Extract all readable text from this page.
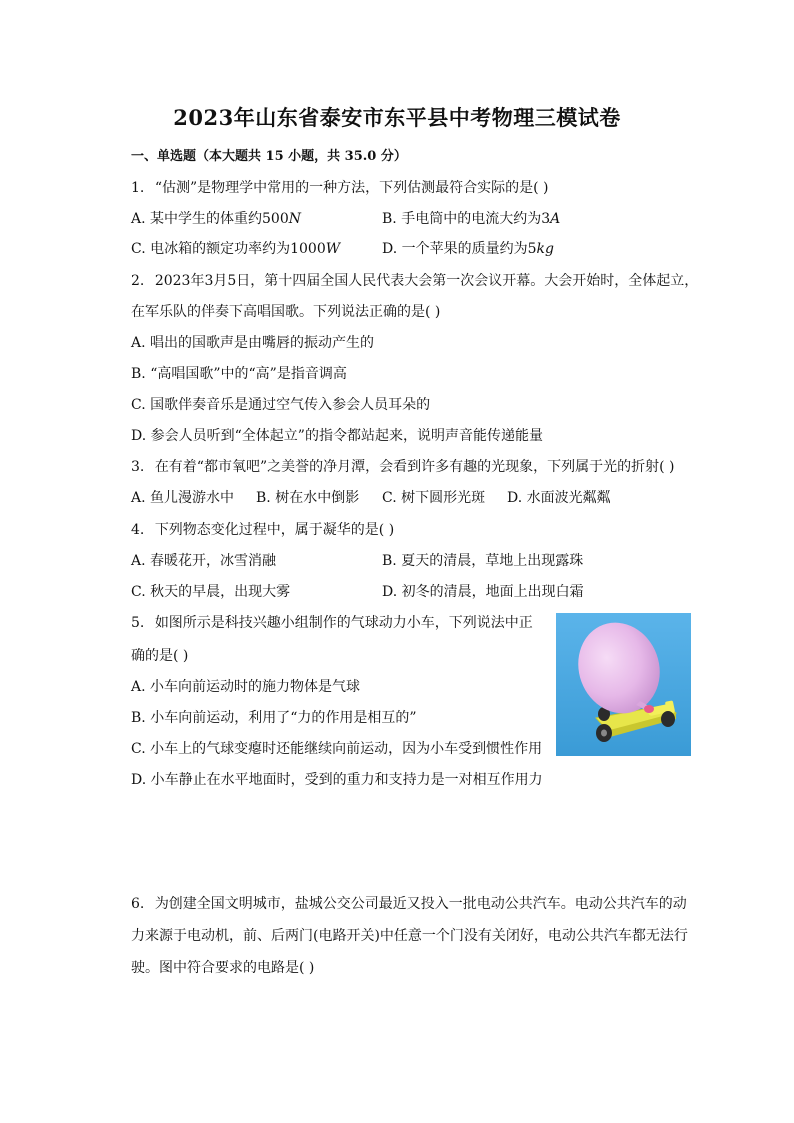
2023年山东省泰安市东平县中考物理三模试卷
一、单选题（本大题共 15 小题，共 35.0 分）
1. “估测”是物理学中常用的一种方法，下列估测最符合实际的是( )
A. 某中学生的体重约500𝑁	B. 手电筒中的电流大约为3𝐴
C. 电冰箱的额定功率约为1000𝑊	D. 一个苹果的质量约为5𝑘𝑔
2. 2023年3月5日，第十四届全国人民代表大会第一次会议开幕。大会开始时，全体起立，
在军乐队的伴奏下高唱国歌。下列说法正确的是( )
A. 唱出的国歌声是由嘴唇的振动产生的
B. “高唱国歌”中的“高”是指音调高
C. 国歌伴奏音乐是通过空气传入参会人员耳朵的
D. 参会人员听到“全体起立”的指令都站起来，说明声音能传递能量
3. 在有着“都市氧吧”之美誉的净月潭，会看到许多有趣的光现象，下列属于光的折射( )
A. 鱼儿漫游水中 B. 树在水中倒影 C. 树下圆形光斑 D. 水面波光粼粼
4. 下列物态变化过程中，属于凝华的是( )
A. 春暖花开，冰雪消融	B. 夏天的清晨，草地上出现露珠
C. 秋天的早晨，出现大雾	D. 初冬的清晨，地面上出现白霜
5. 如图所示是科技兴趣小组制作的气球动力小车，下列说法中正
确的是( )
A. 小车向前运动时的施力物体是气球
B. 小车向前运动，利用了“力的作用是相互的”
C. 小车上的气球变瘪时还能继续向前运动，因为小车受到惯性作用
D. 小车静止在水平地面时，受到的重力和支持力是一对相互作用力
6. 为创建全国文明城市，盐城公交公司最近又投入一批电动公共汽车。电动公共汽车的动
力来源于电动机，前、后两门(电路开关)中任意一个门没有关闭好，电动公共汽车都无法行
驶。图中符合要求的电路是( )
